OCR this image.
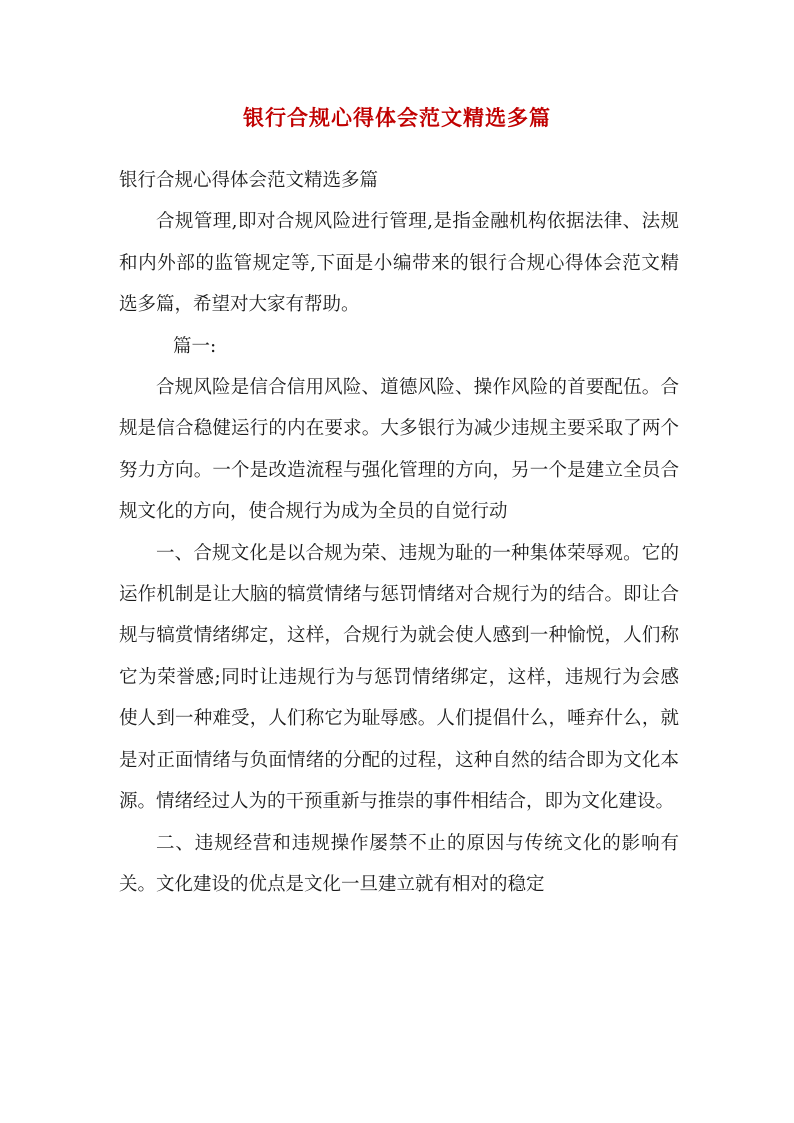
银行合规心得体会范文精选多篇

银行合规心得体会范文精选多篇

合规管理,即对合规风险进行管理,是指金融机构依据法律、法规和内外部的监管规定等,下面是小编带来的银行合规心得体会范文精选多篇，希望对大家有帮助。

篇一:

合规风险是信合信用风险、道德风险、操作风险的首要配伍。合规是信合稳健运行的内在要求。大多银行为减少违规主要采取了两个努力方向。一个是改造流程与强化管理的方向，另一个是建立全员合规文化的方向，使合规行为成为全员的自觉行动

一、合规文化是以合规为荣、违规为耻的一种集体荣辱观。它的运作机制是让大脑的犒赏情绪与惩罚情绪对合规行为的结合。即让合规与犒赏情绪绑定，这样，合规行为就会使人感到一种愉悦，人们称它为荣誉感;同时让违规行为与惩罚情绪绑定，这样，违规行为会感使人到一种难受，人们称它为耻辱感。人们提倡什么，唾弃什么，就是对正面情绪与负面情绪的分配的过程，这种自然的结合即为文化本源。情绪经过人为的干预重新与推崇的事件相结合，即为文化建设。

二、违规经营和违规操作屡禁不止的原因与传统文化的影响有关。文化建设的优点是文化一旦建立就有相对的稳定
